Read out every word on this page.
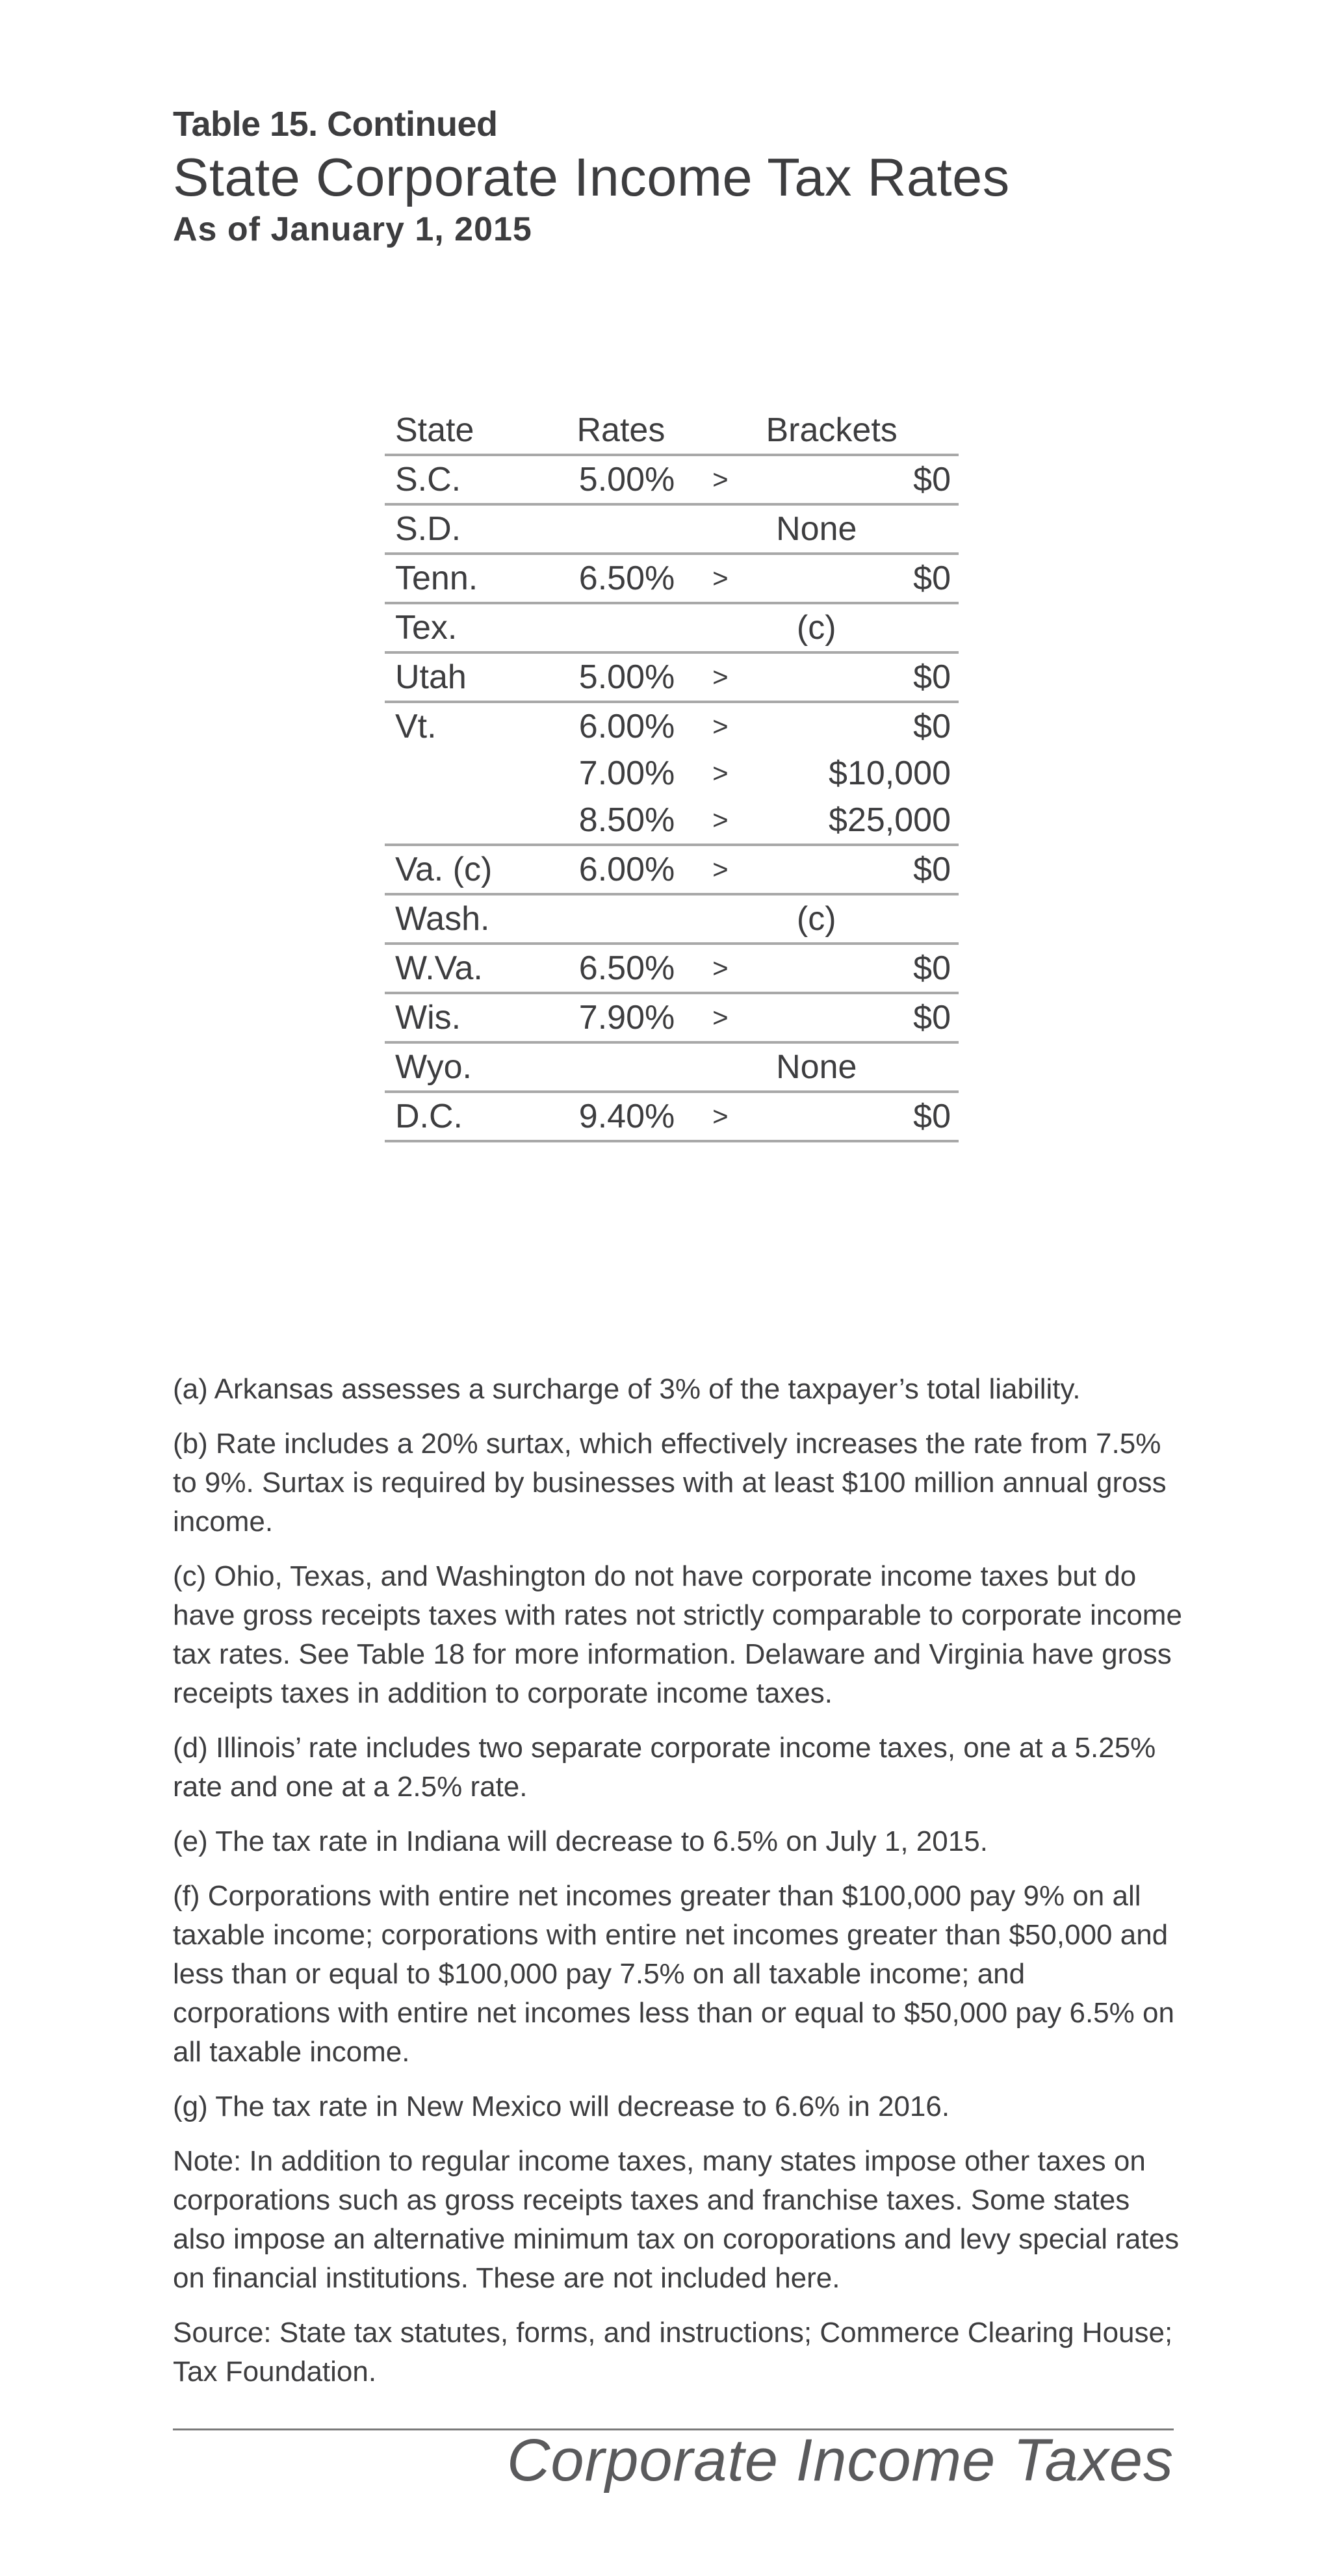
Table 15. Continued
State Corporate Income Tax Rates
As of January 1, 2015
State	Rates		Brackets
S.C.	5.00%	>	$0
S.D.	None		
Tenn.	6.50%	>	$0
Tex.	(c)		
Utah	5.00%	>	$0
Vt.	6.00%	>	$0
	7.00%	>	$10,000
	8.50%	>	$25,000
Va. (c)	6.00%	>	$0
Wash.	(c)		
W.Va.	6.50%	>	$0
Wis.	7.90%	>	$0
Wyo.	None		
D.C.	9.40%	>	$0

(a) Arkansas assesses a surcharge of 3% of the taxpayer’s total liability.

(b) Rate includes a 20% surtax, which effectively increases the rate from 7.5% to 9%. Surtax is required by businesses with at least $100 million annual gross income.

(c) Ohio, Texas, and Washington do not have corporate income taxes but do have gross receipts taxes with rates not strictly comparable to corporate income tax rates. See Table 18 for more information. Delaware and Virginia have gross receipts taxes in addition to corporate income taxes.

(d) Illinois’ rate includes two separate corporate income taxes, one at a 5.25% rate and one at a 2.5% rate.

(e) The tax rate in Indiana will decrease to 6.5% on July 1, 2015.

(f) Corporations with entire net incomes greater than $100,000 pay 9% on all taxable income; corporations with entire net incomes greater than $50,000 and less than or equal to $100,000 pay 7.5% on all taxable income; and corporations with entire net incomes less than or equal to $50,000 pay 6.5% on all taxable income.

(g) The tax rate in New Mexico will decrease to 6.6% in 2016.

Note: In addition to regular income taxes, many states impose other taxes on corporations such as gross receipts taxes and franchise taxes. Some states also impose an alternative minimum tax on coroporations and levy special rates on financial institutions. These are not included here.

Source: State tax statutes, forms, and instructions; Commerce Clearing House; Tax Foundation.

Corporate Income Taxes
